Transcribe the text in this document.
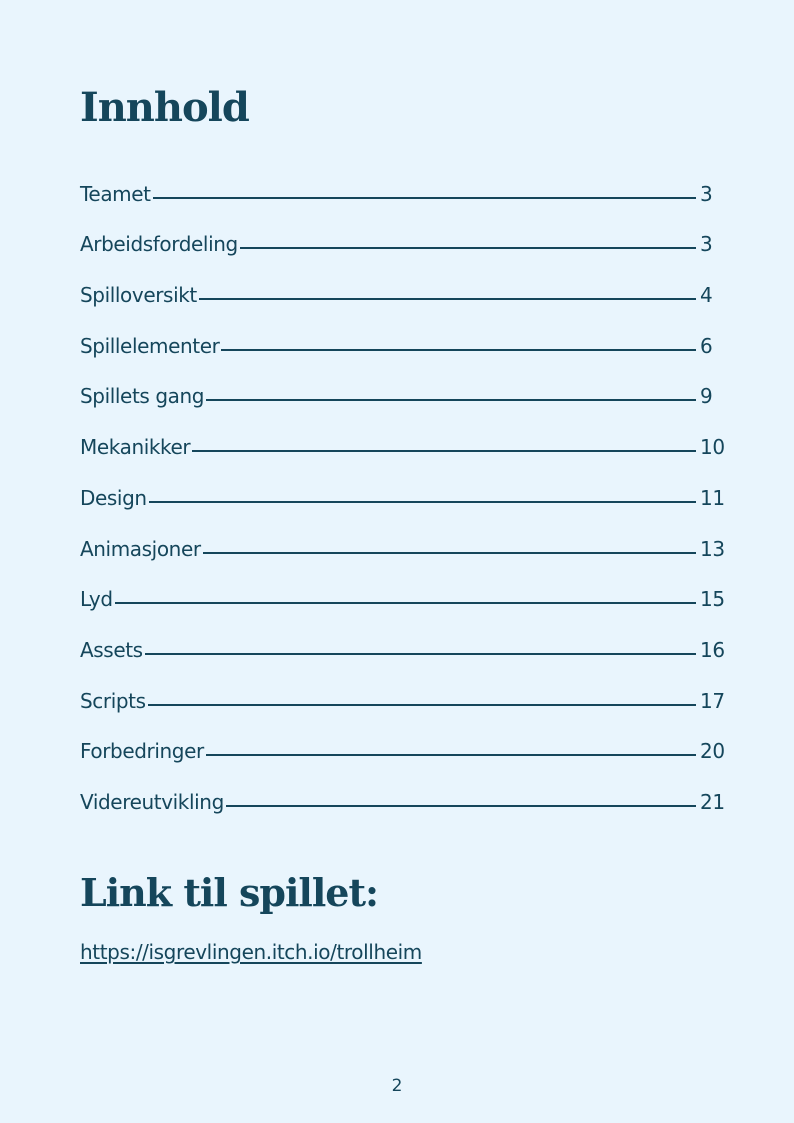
Innhold
Teamet	3
Arbeidsfordeling	3
Spilloversikt	4
Spillelementer	6
Spillets gang	9
Mekanikker	10
Design	11
Animasjoner	13
Lyd	15
Assets	16
Scripts	17
Forbedringer	20
Videreutvikling	21
Link til spillet:
https://isgrevlingen.itch.io/trollheim
2
